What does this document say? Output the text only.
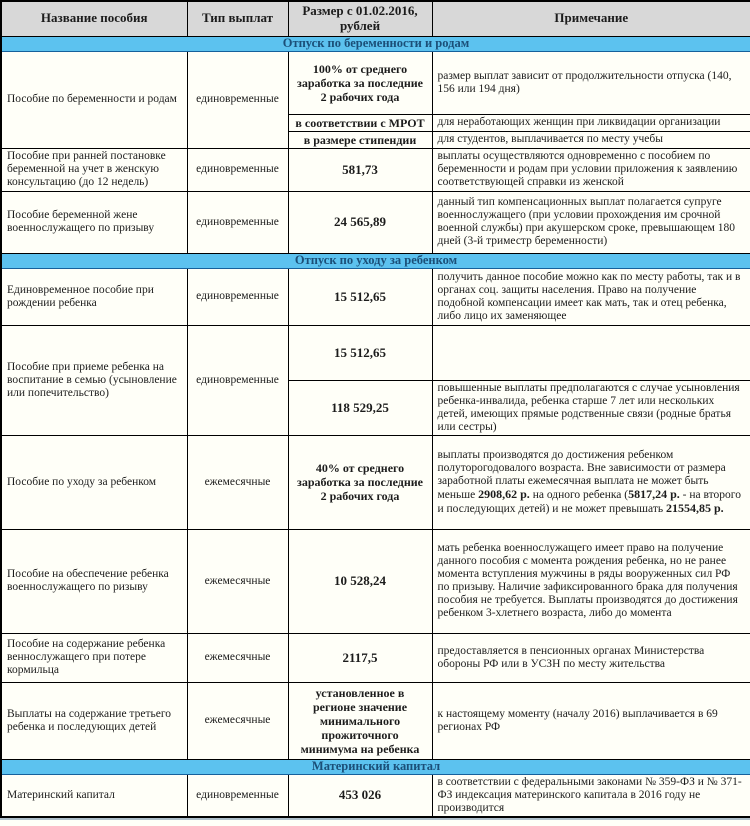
Название пособия	Тип выплат	Размер с 01.02.2016, рублей	Примечание
Отпуск по беременности и родам			
Пособие по беременности и родам	единовременные	100% от среднего заработка за последние 2 рабочих года	размер выплат зависит от продолжительности отпуска (140, 156 или 194 дня)
		в соответствии с МРОТ	для неработающих женщин при ликвидации организации
		в размере стипендии	для студентов, выплачивается по месту учебы
Пособие при ранней постановке беременной на учет в женскую консультацию (до 12 недель)	единовременные	581,73	выплаты осуществляются одновременно с пособием по беременности и родам при условии приложения к заявлению соответствующей справки из женской
Пособие беременной жене военнослужащего по призыву	единовременные	24 565,89	данный тип компенсационных выплат полагается супруге военнослужащего (при условии прохождения им срочной военной службы) при акушерском сроке, превышающем 180 дней (3-й триместр беременности)
Отпуск по уходу за ребенком			
Единовременное пособие при рождении ребенка	единовременные	15 512,65	получить данное пособие можно как по месту работы, так и в органах соц. защиты населения. Право на получение подобной компенсации имеет как мать, так и отец ребенка, либо лицо их заменяющее
Пособие при приеме ребенка на воспитание в семью (усыновление или попечительство)	единовременные	15 512,65	
		118 529,25	повышенные выплаты предполагаются с случае усыновления ребенка-инвалида, ребенка старше 7 лет или нескольких детей, имеющих прямые родственные связи (родные братья или сестры)
Пособие по уходу за ребенком	ежемесячные	40% от среднего заработка за последние 2 рабочих года	выплаты производятся до достижения ребенком полуторогодовалого возраста. Вне зависимости от размера заработной платы ежемесячная выплата не может быть меньше 2908,62 р. на одного ребенка (5817,24 р. - на второго и последующих детей) и не может превышать 21554,85 р.
Пособие на обеспечение ребенка военнослужащего по ризыву	ежемесячные	10 528,24	мать ребенка военнослужащего имеет право на получение данного пособия с момента рождения ребенка, но не ранее момента вступления мужчины в ряды вооруженных сил РФ по призыву. Наличие зафиксированного брака для получения пособия не требуется. Выплаты производятся до достижения ребенком 3-хлетнего возраста, либо до момента
Пособие на содержание ребенка веннослужащего при потере кормильца	ежемесячные	2117,5	предоставляется в пенсионных органах Министерства обороны РФ или в УСЗН по месту жительства
Выплаты на содержание третьего ребенка и последующих детей	ежемесячные	установленное в регионе значение минимального прожиточного минимума на ребенка	к настоящему моменту (началу 2016) выплачивается в 69 регионах РФ
Материнский капитал			
Материнский капитал	единовременные	453 026	в соответствии с федеральными законами № 359-ФЗ и № 371-ФЗ индексация материнского капитала в 2016 году не производится
